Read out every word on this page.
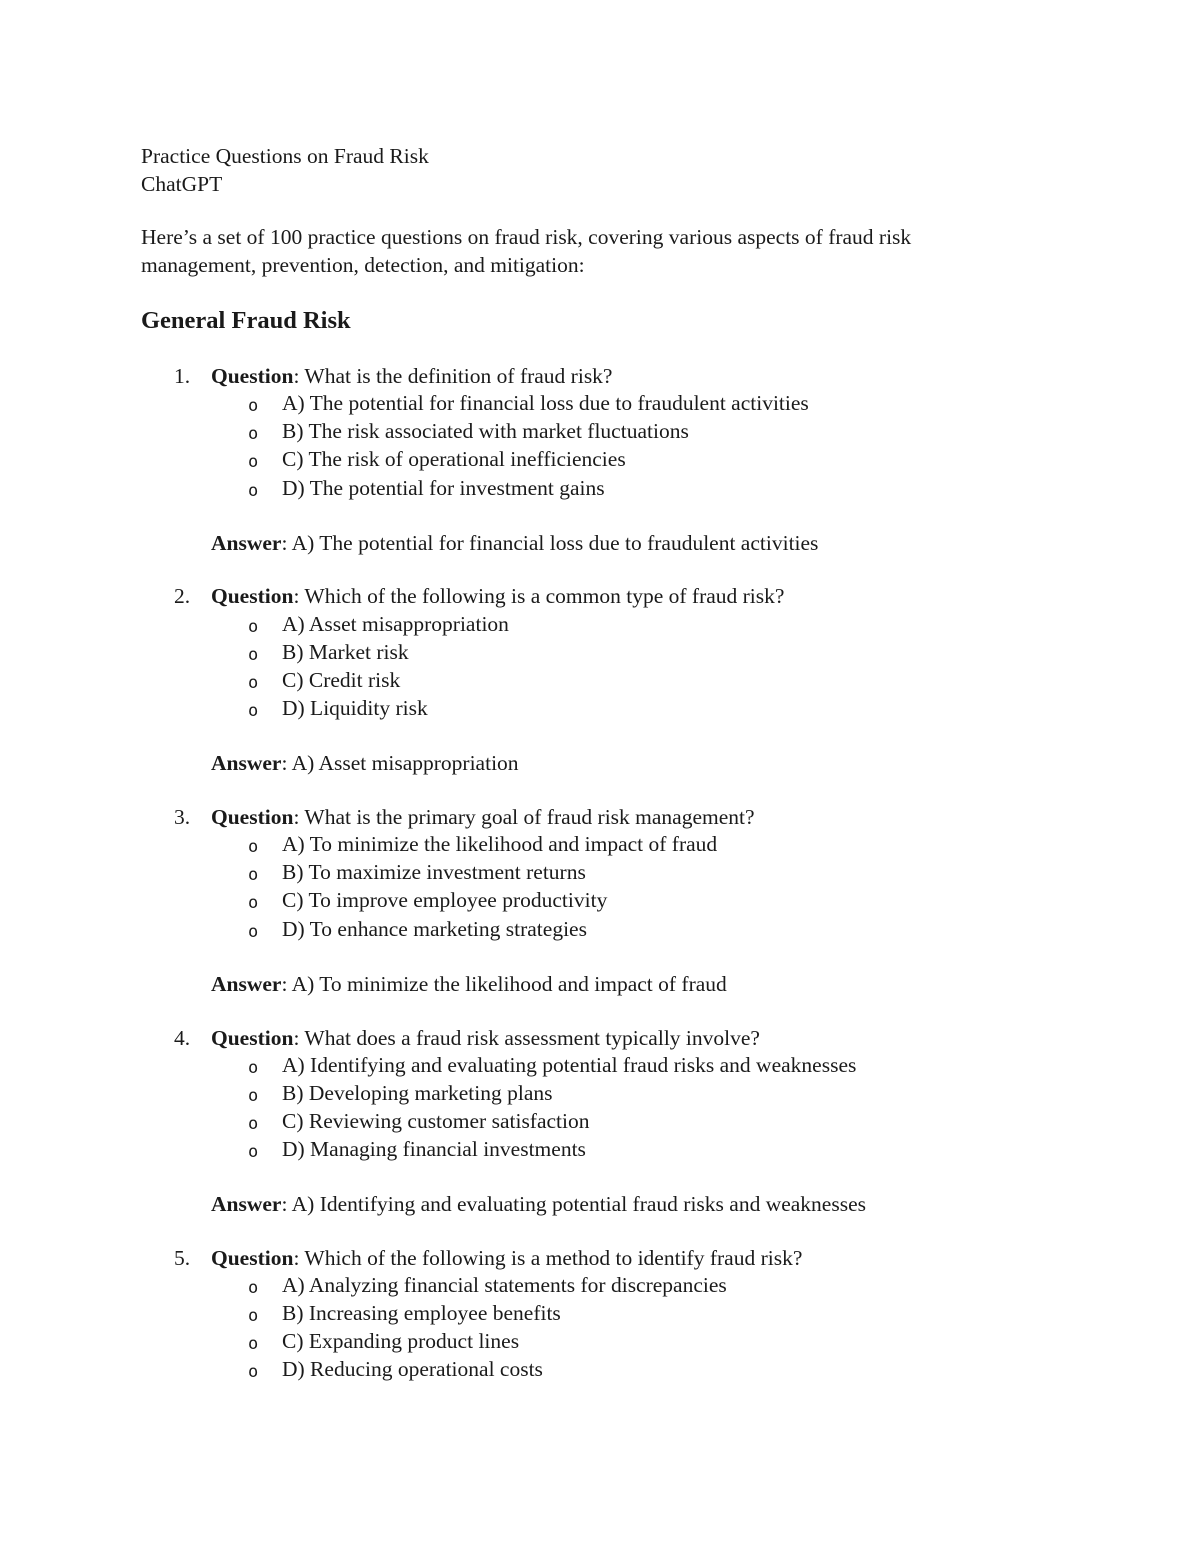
Practice Questions on Fraud Risk
ChatGPT
Here’s a set of 100 practice questions on fraud risk, covering various aspects of fraud risk
management, prevention, detection, and mitigation:
General Fraud Risk
1. Question: What is the definition of fraud risk?
o A) The potential for financial loss due to fraudulent activities
o B) The risk associated with market fluctuations
o C) The risk of operational inefficiencies
o D) The potential for investment gains
Answer: A) The potential for financial loss due to fraudulent activities
2. Question: Which of the following is a common type of fraud risk?
o A) Asset misappropriation
o B) Market risk
o C) Credit risk
o D) Liquidity risk
Answer: A) Asset misappropriation
3. Question: What is the primary goal of fraud risk management?
o A) To minimize the likelihood and impact of fraud
o B) To maximize investment returns
o C) To improve employee productivity
o D) To enhance marketing strategies
Answer: A) To minimize the likelihood and impact of fraud
4. Question: What does a fraud risk assessment typically involve?
o A) Identifying and evaluating potential fraud risks and weaknesses
o B) Developing marketing plans
o C) Reviewing customer satisfaction
o D) Managing financial investments
Answer: A) Identifying and evaluating potential fraud risks and weaknesses
5. Question: Which of the following is a method to identify fraud risk?
o A) Analyzing financial statements for discrepancies
o B) Increasing employee benefits
o C) Expanding product lines
o D) Reducing operational costs
